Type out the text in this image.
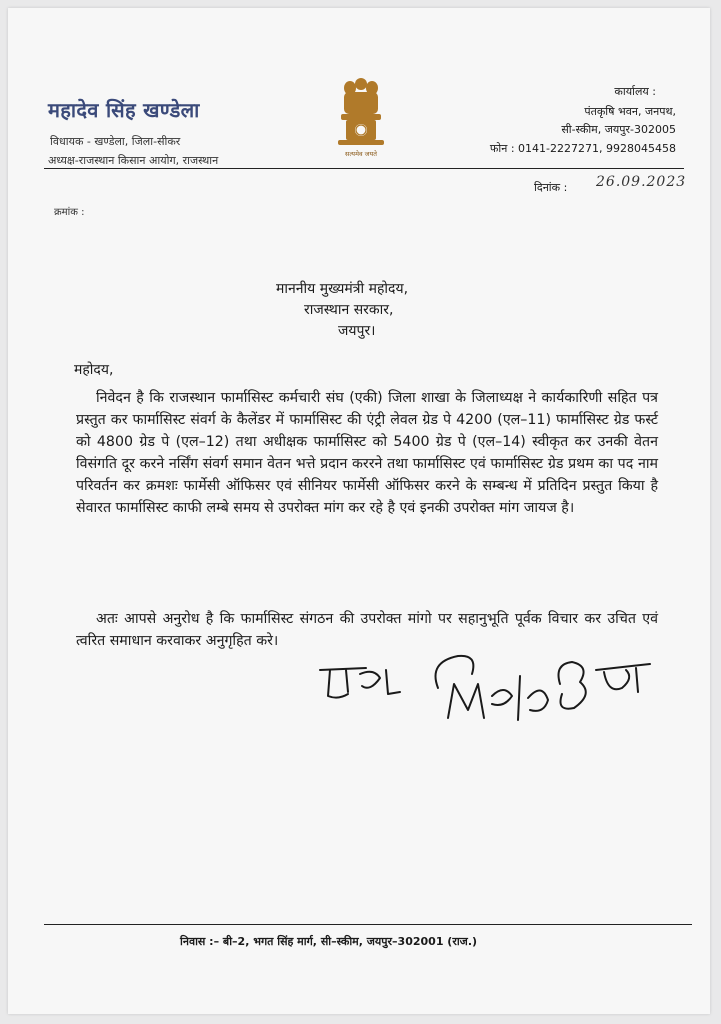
महादेव सिंह खण्डेला
विधायक - खण्डेला, जिला-सीकर
अध्यक्ष-राजस्थान किसान आयोग, राजस्थान	सत्यमेव जयते
कार्यालय :
पंतकृषि भवन, जनपथ,
सी-स्कीम, जयपुर-302005
फोन : 0141-2227271, 9928045458
दिनांक : 26.09.2023
क्रमांक :
माननीय मुख्यमंत्री महोदय,
राजस्थान सरकार,
जयपुर।
महोदय,
निवेदन है कि राजस्थान फार्मासिस्ट कर्मचारी संघ (एकी) जिला शाखा के जिलाध्यक्ष ने कार्यकारिणी सहित पत्र प्रस्तुत कर फार्मासिस्ट संवर्ग के कैलेंडर में फार्मासिस्ट की एंट्री लेवल ग्रेड पे 4200 (एल–11) फार्मासिस्ट ग्रेड फर्स्ट को 4800 ग्रेड पे (एल–12) तथा अधीक्षक फार्मासिस्ट को 5400 ग्रेड पे (एल–14) स्वीकृत कर उनकी वेतन विसंगति दूर करने नर्सिंग संवर्ग समान वेतन भत्ते प्रदान कररने तथा फार्मासिस्ट एवं फार्मासिस्ट ग्रेड प्रथम का पद नाम परिवर्तन कर क्रमशः फार्मेसी ऑफिसर एवं सीनियर फार्मेसी ऑफिसर करने के सम्बन्ध में प्रतिदिन प्रस्तुत किया है सेवारत फार्मासिस्ट काफी लम्बे समय से उपरोक्त मांग कर रहे है एवं इनकी उपरोक्त मांग जायज है।
अतः आपसे अनुरोध है कि फार्मासिस्ट संगठन की उपरोक्त मांगो पर सहानुभूति पूर्वक विचार कर उचित एवं त्वरित समाधान करवाकर अनुगृहित करे।	सादर महादेव खण्डेला
निवास :– बी–2, भगत सिंह मार्ग, सी–स्कीम, जयपुर–302001 (राज.)
